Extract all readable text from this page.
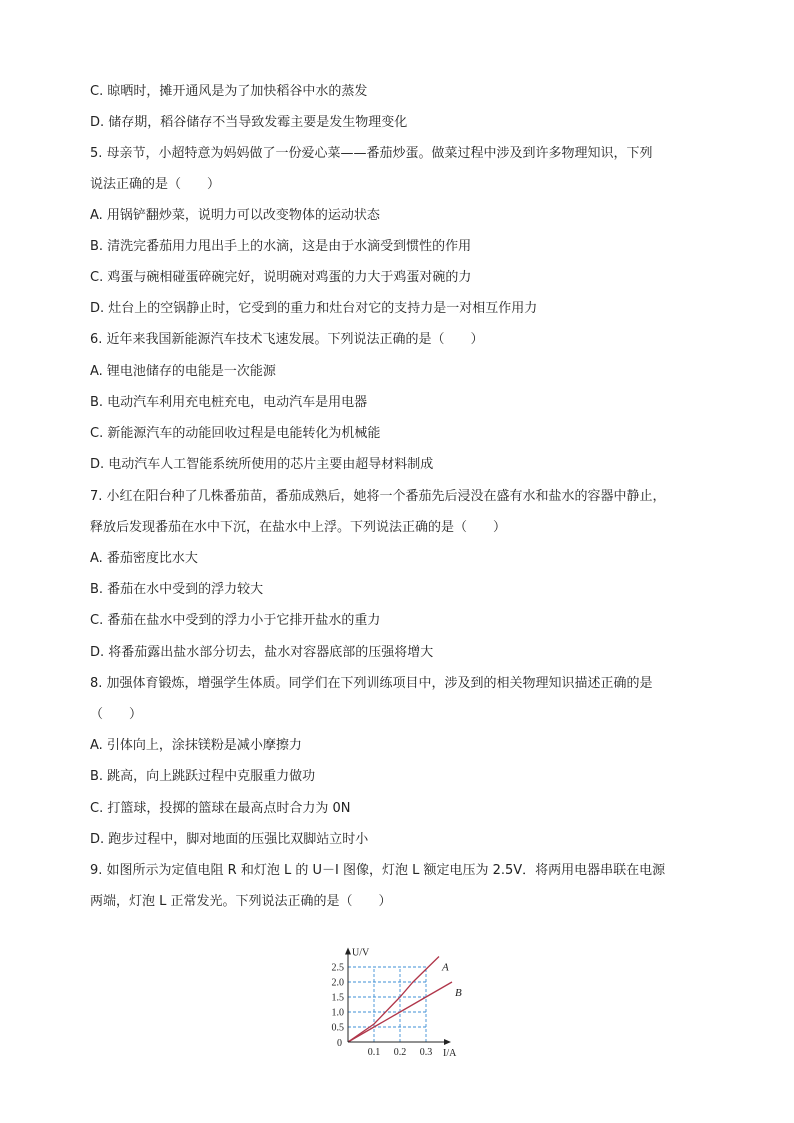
C. 晾晒时，摊开通风是为了加快稻谷中水的蒸发
D. 储存期，稻谷储存不当导致发霉主要是发生物理变化
5. 母亲节，小超特意为妈妈做了一份爱心菜——番茄炒蛋。做菜过程中涉及到许多物理知识，下列
说法正确的是（　　）
A. 用锅铲翻炒菜，说明力可以改变物体的运动状态
B. 清洗完番茄用力甩出手上的水滴，这是由于水滴受到惯性的作用
C. 鸡蛋与碗相碰蛋碎碗完好，说明碗对鸡蛋的力大于鸡蛋对碗的力
D. 灶台上的空锅静止时，它受到的重力和灶台对它的支持力是一对相互作用力
6. 近年来我国新能源汽车技术飞速发展。下列说法正确的是（　　）
A. 锂电池储存的电能是一次能源
B. 电动汽车利用充电桩充电，电动汽车是用电器
C. 新能源汽车的动能回收过程是电能转化为机械能
D. 电动汽车人工智能系统所使用的芯片主要由超导材料制成
7. 小红在阳台种了几株番茄苗，番茄成熟后，她将一个番茄先后浸没在盛有水和盐水的容器中静止，
释放后发现番茄在水中下沉，在盐水中上浮。下列说法正确的是（　　）
A. 番茄密度比水大
B. 番茄在水中受到的浮力较大
C. 番茄在盐水中受到的浮力小于它排开盐水的重力
D. 将番茄露出盐水部分切去，盐水对容器底部的压强将增大
8. 加强体育锻炼，增强学生体质。同学们在下列训练项目中，涉及到的相关物理知识描述正确的是
（　　）
A. 引体向上，涂抹镁粉是减小摩擦力
B. 跳高，向上跳跃过程中克服重力做功
C. 打篮球，投掷的篮球在最高点时合力为 0N
D. 跑步过程中，脚对地面的压强比双脚站立时小
9. 如图所示为定值电阻 R 和灯泡 L 的 U－I 图像，灯泡 L 额定电压为 2.5V．将两用电器串联在电源
两端，灯泡 L 正常发光。下列说法正确的是（　　）
A
B
0.1 0.2 0.3
0.5
1.0
1.5
2.0
2.5
0
U/V
I/A
